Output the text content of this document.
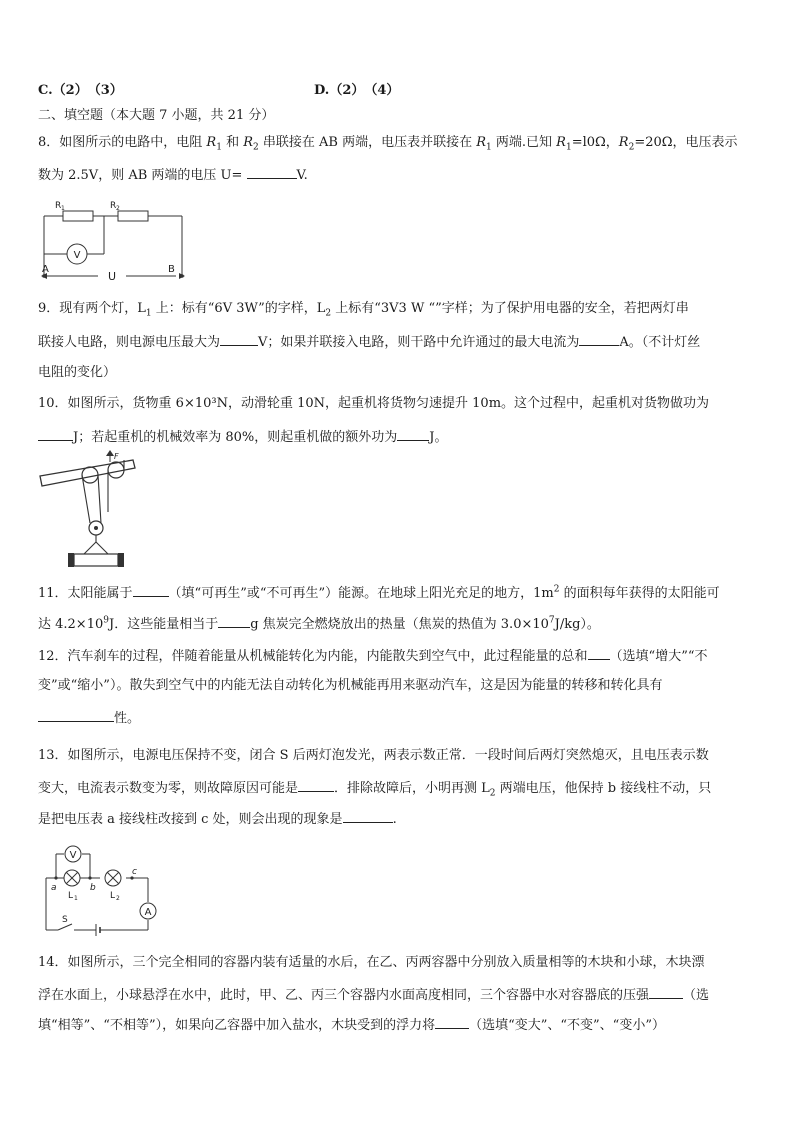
C.（2）　（3）	D.（2）　（4）
二、填空题（本大题 7 小题，共 21 分）
8．如图所示的电路中，电阻 $R_1$ 和 $R_2$ 串联接在 AB 两端，电压表并联接在 $R_1$ 两端.已知 $R_1=l0\Omega$，$R_2=20\Omega$，电压表示
数为 2.5V，则 AB 两端的电压 U=	V.
V
R 1	R 2
A
U
B
9．现有两个灯，$L_1$ 上：标有“6V 3W”的字样，$L_2$ 上标有“3V3 W “”字样；为了保护用电器的安全，若把两灯串
联接人电路，则电源电压最大为	V；如果并联接入电路，则干路中允许通过的最大电流为	A。（不计灯丝
电阻的变化）
10．如图所示，货物重 6×10³N，动滑轮重 10N，起重机将货物匀速提升 10m。这个过程中，起重机对货物做功为
J；若起重机的机械效率为 80%，则起重机做的额外功为 J。
F
11．太阳能属于	（填“可再生”或“不可再生”）能源。在地球上阳光充足的地方，$1m^2$ 的面积每年获得的太阳能可
达 $4.2\times 10^9J$．这些能量相当于 g 焦炭完全燃烧放出的热量（焦炭的热值为 $3.0\times 10^7J/kg$）。
12．汽车刹车的过程，伴随着能量从机械能转化为内能，内能散失到空气中，此过程能量的总和 （选填“增大”“不
变”或“缩小”）。散失到空气中的内能无法自动转化为机械能再用来驱动汽车，这是因为能量的转移和转化具有
性。
13．如图所示，电源电压保持不变，闭合 S 后两灯泡发光，两表示数正常．一段时间后两灯突然熄灭，且电压表示数
变大，电流表示数变为零，则故障原因可能是	．排除故障后，小明再测 $L_2$ 两端电压，他保持 b 接线柱不动，只
是把电压表 a 接线柱改接到 c 处，则会出现的现象是	.
V
A
a	b
c
L 1	L 2
S
14．如图所示，三个完全相同的容器内装有适量的水后，在乙、丙两容器中分别放入质量相等的木块和小球，木块漂
浮在水面上，小球悬浮在水中，此时，甲、乙、丙三个容器内水面高度相同，三个容器中水对容器底的压强	（选
填“相等”、“不相等”），如果向乙容器中加入盐水，木块受到的浮力将	（选填“变大”、“不变”、“变小”）
